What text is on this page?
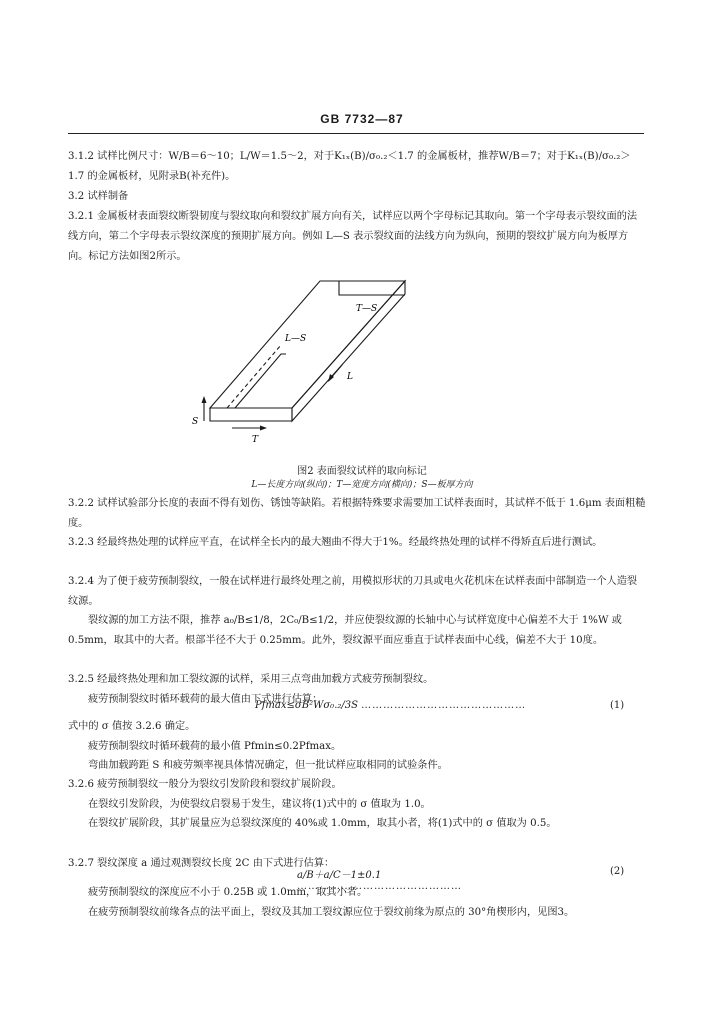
GB 7732—87

3.1.2 试样比例尺寸：W/B＝6～10；L/W＝1.5～2，对于K₁ₓ(B)/σ₀.₂＜1.7 的金属板材，推荐W/B＝7；对于K₁ₓ(B)/σ₀.₂＞1.7 的金属板材，见附录B(补充件)。

3.2 试样制备

3.2.1 金属板材表面裂纹断裂韧度与裂纹取向和裂纹扩展方向有关，试样应以两个字母标记其取向。第一个字母表示裂纹面的法线方向，第二个字母表示裂纹深度的预期扩展方向。例如 L—S 表示裂纹面的法线方向为纵向，预期的裂纹扩展方向为板厚方向。标记方法如图2所示。

T—S
L—S
L
S
T
图2 表面裂纹试样的取向标记
L—长度方向(纵向)；T—宽度方向(横向)；S—板厚方向

3.2.2 试样试验部分长度的表面不得有划伤、锈蚀等缺陷。若根据特殊要求需要加工试样表面时，其试样不低于 1.6μm 表面粗糙度。

3.2.3 经最终热处理的试样应平直，在试样全长内的最大翘曲不得大于1%。经最终热处理的试样不得矫直后进行测试。

3.2.4 为了便于疲劳预制裂纹，一般在试样进行最终处理之前，用模拟形状的刀具或电火花机床在试样表面中部制造一个人造裂纹源。

裂纹源的加工方法不限，推荐 a₀/B≤1/8，2C₀/B≤1/2，并应使裂纹源的长轴中心与试样宽度中心偏差不大于 1%W 或 0.5mm，取其中的大者。根部半径不大于 0.25mm。此外，裂纹源平面应垂直于试样表面中心线，偏差不大于 10度。

3.2.5 经最终热处理和加工裂纹源的试样，采用三点弯曲加载方式疲劳预制裂纹。

疲劳预制裂纹时循环载荷的最大值由下式进行估算：

Pfmax≤σB²Wσ₀.₂/3S ………………………………………	(1)

式中的 σ 值按 3.2.6 确定。

疲劳预制裂纹时循环载荷的最小值 Pfmin≤0.2Pfmax。

弯曲加载跨距 S 和疲劳频率视具体情况确定，但一批试样应取相同的试验条件。

3.2.6 疲劳预制裂纹一般分为裂纹引发阶段和裂纹扩展阶段。

在裂纹引发阶段，为使裂纹启裂易于发生，建议将(1)式中的 σ 值取为 1.0。

在裂纹扩展阶段，其扩展量应为总裂纹深度的 40%或 1.0mm，取其小者，将(1)式中的 σ 值取为 0.5。

3.2.7 裂纹深度 a 通过观测裂纹长度 2C 由下式进行估算：

a/B＋a/C－1±0.1 ………………………………………
(2)

疲劳预制裂纹的深度应不小于 0.25B 或 1.0mm，取其小者。

在疲劳预制裂纹前缘各点的法平面上，裂纹及其加工裂纹源应位于裂纹前缘为原点的 30°角楔形内，见图3。
